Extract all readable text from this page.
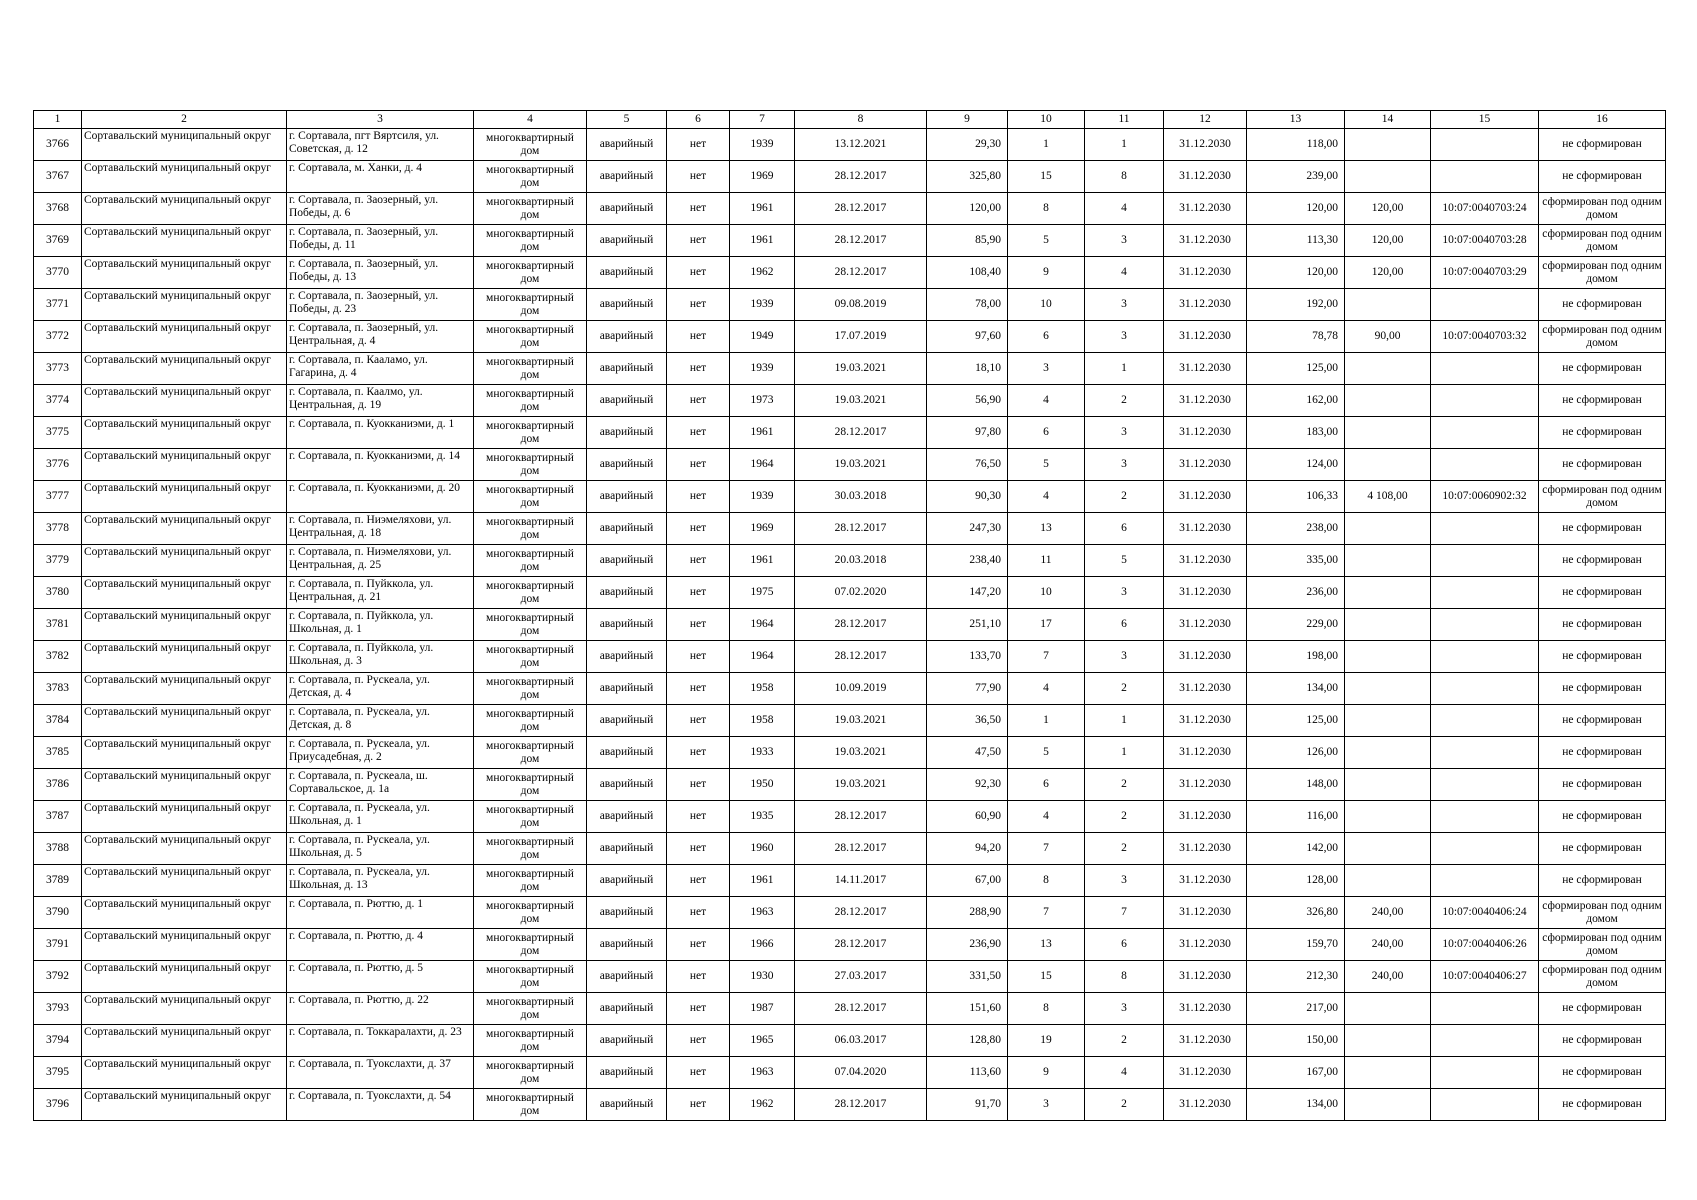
1	2	3	4	5	6	7	8	9	10	11	12	13	14	15	16
3766	Сортавальский муниципальный округ	г. Сортавала, пгт Вяртсиля, ул. Советская, д. 12	многоквартирный дом	аварийный	нет	1939	13.12.2021	29,30	1	1	31.12.2030	118,00			не сформирован
3767	Сортавальский муниципальный округ	г. Сортавала, м. Ханки, д. 4	многоквартирный дом	аварийный	нет	1969	28.12.2017	325,80	15	8	31.12.2030	239,00			не сформирован
3768	Сортавальский муниципальный округ	г. Сортавала, п. Заозерный, ул. Победы, д. 6	многоквартирный дом	аварийный	нет	1961	28.12.2017	120,00	8	4	31.12.2030	120,00	120,00	10:07:0040703:24	сформирован под одним домом
3769	Сортавальский муниципальный округ	г. Сортавала, п. Заозерный, ул. Победы, д. 11	многоквартирный дом	аварийный	нет	1961	28.12.2017	85,90	5	3	31.12.2030	113,30	120,00	10:07:0040703:28	сформирован под одним домом
3770	Сортавальский муниципальный округ	г. Сортавала, п. Заозерный, ул. Победы, д. 13	многоквартирный дом	аварийный	нет	1962	28.12.2017	108,40	9	4	31.12.2030	120,00	120,00	10:07:0040703:29	сформирован под одним домом
3771	Сортавальский муниципальный округ	г. Сортавала, п. Заозерный, ул. Победы, д. 23	многоквартирный дом	аварийный	нет	1939	09.08.2019	78,00	10	3	31.12.2030	192,00			не сформирован
3772	Сортавальский муниципальный округ	г. Сортавала, п. Заозерный, ул. Центральная, д. 4	многоквартирный дом	аварийный	нет	1949	17.07.2019	97,60	6	3	31.12.2030	78,78	90,00	10:07:0040703:32	сформирован под одним домом
3773	Сортавальский муниципальный округ	г. Сортавала, п. Кааламо, ул. Гагарина, д. 4	многоквартирный дом	аварийный	нет	1939	19.03.2021	18,10	3	1	31.12.2030	125,00			не сформирован
3774	Сортавальский муниципальный округ	г. Сортавала, п. Каалмо, ул. Центральная, д. 19	многоквартирный дом	аварийный	нет	1973	19.03.2021	56,90	4	2	31.12.2030	162,00			не сформирован
3775	Сортавальский муниципальный округ	г. Сортавала, п. Куокканиэми, д. 1	многоквартирный дом	аварийный	нет	1961	28.12.2017	97,80	6	3	31.12.2030	183,00			не сформирован
3776	Сортавальский муниципальный округ	г. Сортавала, п. Куокканиэми, д. 14	многоквартирный дом	аварийный	нет	1964	19.03.2021	76,50	5	3	31.12.2030	124,00			не сформирован
3777	Сортавальский муниципальный округ	г. Сортавала, п. Куокканиэми, д. 20	многоквартирный дом	аварийный	нет	1939	30.03.2018	90,30	4	2	31.12.2030	106,33	4 108,00	10:07:0060902:32	сформирован под одним домом
3778	Сортавальский муниципальный округ	г. Сортавала, п. Ниэмеляхови, ул. Центральная, д. 18	многоквартирный дом	аварийный	нет	1969	28.12.2017	247,30	13	6	31.12.2030	238,00			не сформирован
3779	Сортавальский муниципальный округ	г. Сортавала, п. Ниэмеляхови, ул. Центральная, д. 25	многоквартирный дом	аварийный	нет	1961	20.03.2018	238,40	11	5	31.12.2030	335,00			не сформирован
3780	Сортавальский муниципальный округ	г. Сортавала, п. Пуйккола, ул. Центральная, д. 21	многоквартирный дом	аварийный	нет	1975	07.02.2020	147,20	10	3	31.12.2030	236,00			не сформирован
3781	Сортавальский муниципальный округ	г. Сортавала, п. Пуйккола, ул. Школьная, д. 1	многоквартирный дом	аварийный	нет	1964	28.12.2017	251,10	17	6	31.12.2030	229,00			не сформирован
3782	Сортавальский муниципальный округ	г. Сортавала, п. Пуйккола, ул. Школьная, д. 3	многоквартирный дом	аварийный	нет	1964	28.12.2017	133,70	7	3	31.12.2030	198,00			не сформирован
3783	Сортавальский муниципальный округ	г. Сортавала, п. Рускеала, ул. Детская, д. 4	многоквартирный дом	аварийный	нет	1958	10.09.2019	77,90	4	2	31.12.2030	134,00			не сформирован
3784	Сортавальский муниципальный округ	г. Сортавала, п. Рускеала, ул. Детская, д. 8	многоквартирный дом	аварийный	нет	1958	19.03.2021	36,50	1	1	31.12.2030	125,00			не сформирован
3785	Сортавальский муниципальный округ	г. Сортавала, п. Рускеала, ул. Приусадебная, д. 2	многоквартирный дом	аварийный	нет	1933	19.03.2021	47,50	5	1	31.12.2030	126,00			не сформирован
3786	Сортавальский муниципальный округ	г. Сортавала, п. Рускеала, ш. Сортавальское, д. 1а	многоквартирный дом	аварийный	нет	1950	19.03.2021	92,30	6	2	31.12.2030	148,00			не сформирован
3787	Сортавальский муниципальный округ	г. Сортавала, п. Рускеала, ул. Школьная, д. 1	многоквартирный дом	аварийный	нет	1935	28.12.2017	60,90	4	2	31.12.2030	116,00			не сформирован
3788	Сортавальский муниципальный округ	г. Сортавала, п. Рускеала, ул. Школьная, д. 5	многоквартирный дом	аварийный	нет	1960	28.12.2017	94,20	7	2	31.12.2030	142,00			не сформирован
3789	Сортавальский муниципальный округ	г. Сортавала, п. Рускеала, ул. Школьная, д. 13	многоквартирный дом	аварийный	нет	1961	14.11.2017	67,00	8	3	31.12.2030	128,00			не сформирован
3790	Сортавальский муниципальный округ	г. Сортавала, п. Рюттю, д. 1	многоквартирный дом	аварийный	нет	1963	28.12.2017	288,90	7	7	31.12.2030	326,80	240,00	10:07:0040406:24	сформирован под одним домом
3791	Сортавальский муниципальный округ	г. Сортавала, п. Рюттю, д. 4	многоквартирный дом	аварийный	нет	1966	28.12.2017	236,90	13	6	31.12.2030	159,70	240,00	10:07:0040406:26	сформирован под одним домом
3792	Сортавальский муниципальный округ	г. Сортавала, п. Рюттю, д. 5	многоквартирный дом	аварийный	нет	1930	27.03.2017	331,50	15	8	31.12.2030	212,30	240,00	10:07:0040406:27	сформирован под одним домом
3793	Сортавальский муниципальный округ	г. Сортавала, п. Рюттю, д. 22	многоквартирный дом	аварийный	нет	1987	28.12.2017	151,60	8	3	31.12.2030	217,00			не сформирован
3794	Сортавальский муниципальный округ	г. Сортавала, п. Токкаралахти, д. 23	многоквартирный дом	аварийный	нет	1965	06.03.2017	128,80	19	2	31.12.2030	150,00			не сформирован
3795	Сортавальский муниципальный округ	г. Сортавала, п. Туокслахти, д. 37	многоквартирный дом	аварийный	нет	1963	07.04.2020	113,60	9	4	31.12.2030	167,00			не сформирован
3796	Сортавальский муниципальный округ	г. Сортавала, п. Туокслахти, д. 54	многоквартирный дом	аварийный	нет	1962	28.12.2017	91,70	3	2	31.12.2030	134,00			не сформирован
